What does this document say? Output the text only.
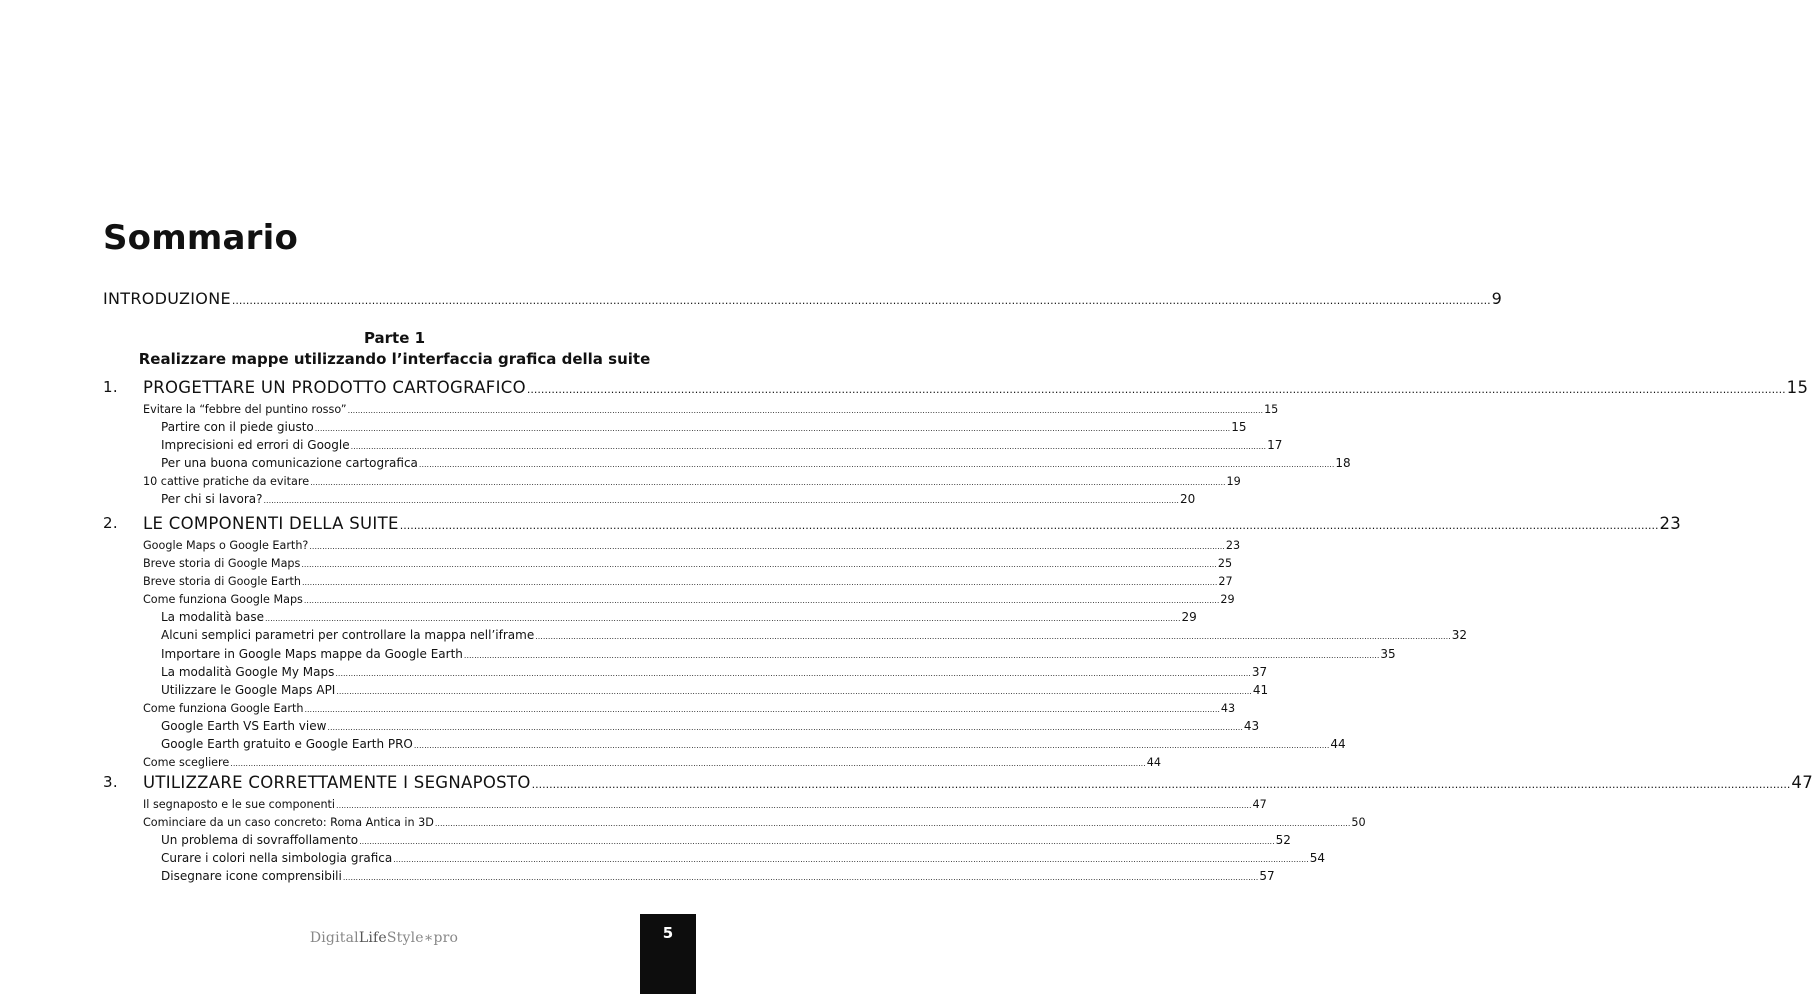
Sommario
INTRODUZIONE .....	9
Parte 1
Realizzare mappe utilizzando l’interfaccia grafica della suite
1. PROGETTARE UN PRODOTTO CARTOGRAFICO .....	15
Evitare la “febbre del puntino rosso” .....	15
Partire con il piede giusto .....	15
Imprecisioni ed errori di Google .....	17
Per una buona comunicazione cartografica .....	18
10 cattive pratiche da evitare .....	19
Per chi si lavora? .....	20
2. LE COMPONENTI DELLA SUITE .....	23
Google Maps o Google Earth? .....	23
Breve storia di Google Maps .....	25
Breve storia di Google Earth .....	27
Come funziona Google Maps .....	29
La modalità base .....	29
Alcuni semplici parametri per controllare la mappa nell’iframe .....	32
Importare in Google Maps mappe da Google Earth .....	35
La modalità Google My Maps .....	37
Utilizzare le Google Maps API .....	41
Come funziona Google Earth .....	43
Google Earth VS Earth view .....	43
Google Earth gratuito e Google Earth PRO .....	44
Come scegliere .....	44
3. UTILIZZARE CORRETTAMENTE I SEGNAPOSTO .....	47
Il segnaposto e le sue componenti .....	47
Cominciare da un caso concreto: Roma Antica in 3D .....	50
Un problema di sovraffollamento .....	52
Curare i colori nella simbologia grafica .....	54
Disegnare icone comprensibili .....	57
DigitalLifeStyle∗pro	5
